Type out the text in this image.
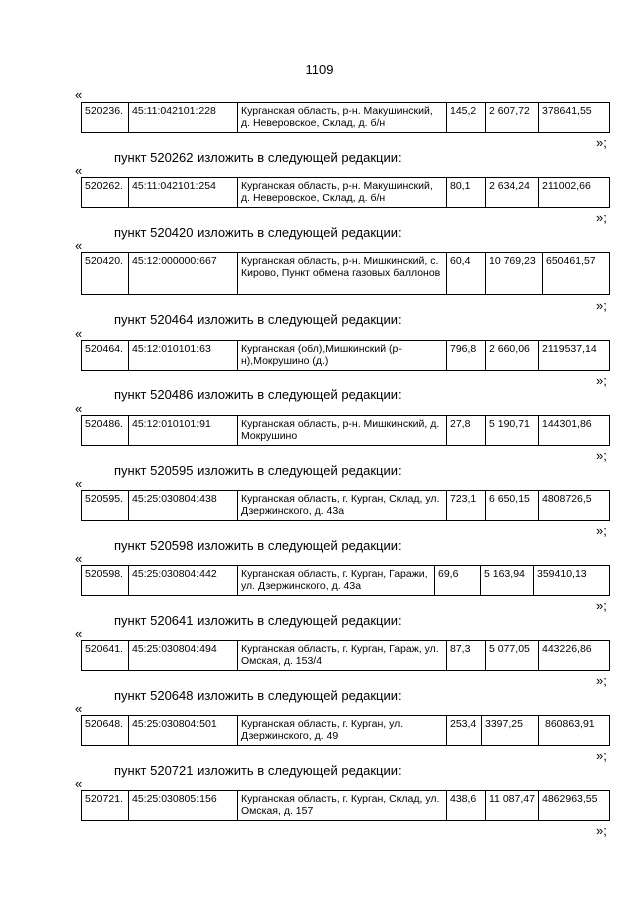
1109
«
520236.	45:11:042101:228	Курганская область, р-н. Макушинский, д. Неверовское, Склад, д. б/н	145,2	2 607,72	378641,55
»;
пункт 520262 изложить в следующей редакции:
«
520262.	45:11:042101:254	Курганская область, р-н. Макушинский, д. Неверовское, Склад, д. б/н	80,1	2 634,24	211002,66
»;
пункт 520420 изложить в следующей редакции:
«
520420.	45:12:000000:667	Курганская область, р-н. Мишкинский, с. Кирово, Пункт обмена газовых баллонов	60,4	10 769,23	650461,57
»;
пункт 520464 изложить в следующей редакции:
«
520464.	45:12:010101:63	Курганская (обл),Мишкинский (р-н),Мокрушино (д.)	796,8	2 660,06	2119537,14
»;
пункт 520486 изложить в следующей редакции:
«
520486.	45:12:010101:91	Курганская область, р-н. Мишкинский, д. Мокрушино	27,8	5 190,71	144301,86
»;
пункт 520595 изложить в следующей редакции:
«
520595.	45:25:030804:438	Курганская область, г. Курган, Склад, ул. Дзержинского, д. 43а	723,1	6 650,15	4808726,5
»;
пункт 520598 изложить в следующей редакции:
«
520598.	45:25:030804:442	Курганская область, г. Курган, Гаражи, ул. Дзержинского, д. 43а	69,6	5 163,94	359410,13
»;
пункт 520641 изложить в следующей редакции:
«
520641.	45:25:030804:494	Курганская область, г. Курган, Гараж, ул. Омская, д. 153/4	87,3	5 077,05	443226,86
»;
пункт 520648 изложить в следующей редакции:
«
520648.	45:25:030804:501	Курганская область, г. Курган, ул. Дзержинского, д. 49	253,4	3397,25	860863,91
»;
пункт 520721 изложить в следующей редакции:
«
520721.	45:25:030805:156	Курганская область, г. Курган, Склад, ул. Омская, д. 157	438,6	11 087,47	4862963,55
»;
